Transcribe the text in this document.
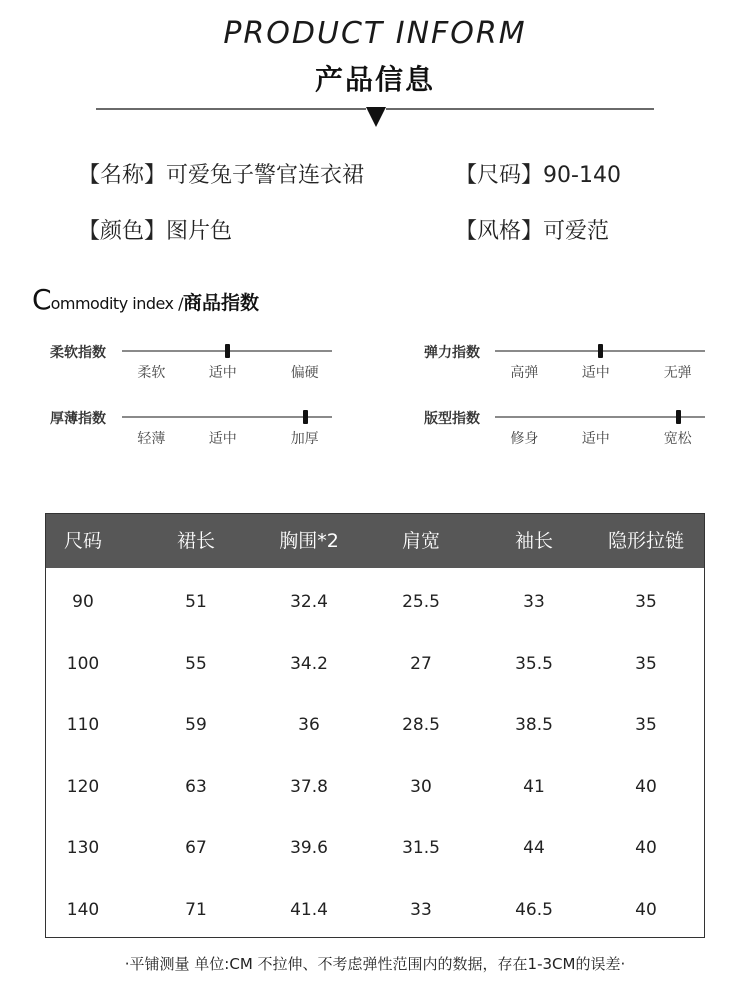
PRODUCT INFORM
产品信息
【名称】可爱兔子警官连衣裙	【尺码】90-140
【颜色】图片色	【风格】可爱范
Commodity index /商品指数
柔软指数
柔软	适中	偏硬
弹力指数
高弹	适中	无弹
厚薄指数
轻薄	适中	加厚
版型指数
修身	适中	宽松
尺码	裙长	胸围*2	肩宽	袖长	隐形拉链
90	51	32.4	25.5	33	35
100	55	34.2	27	35.5	35
110	59	36	28.5	38.5	35
120	63	37.8	30	41	40
130	67	39.6	31.5	44	40
140	71	41.4	33	46.5	40
·平铺测量 单位:CM 不拉伸、不考虑弹性范围内的数据，存在1-3CM的误差·
